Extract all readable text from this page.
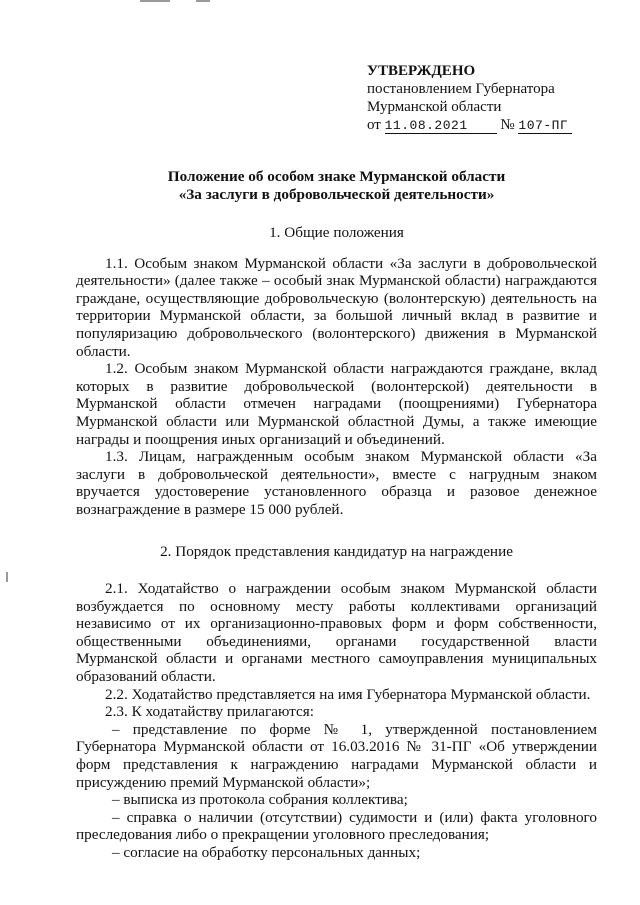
УТВЕРЖДЕНО
постановлением Губернатора
Мурманской области
от 11.08.2021 № 107-ПГ
Положение об особом знаке Мурманской области
«За заслуги в добровольческой деятельности»
1. Общие положения
1.1. Особым знаком Мурманской области «За заслуги в добровольческой деятельности» (далее также – особый знак Мурманской области) награждаются граждане, осуществляющие добровольческую (волонтерскую) деятельность на территории Мурманской области, за большой личный вклад в развитие и популяризацию добровольческого (волонтерского) движения в Мурманской области.
1.2. Особым знаком Мурманской области награждаются граждане, вклад которых в развитие добровольческой (волонтерской) деятельности в Мурманской области отмечен наградами (поощрениями) Губернатора Мурманской области или Мурманской областной Думы, а также имеющие награды и поощрения иных организаций и объединений.
1.3. Лицам, награжденным особым знаком Мурманской области «За заслуги в добровольческой деятельности», вместе с нагрудным знаком вручается удостоверение установленного образца и разовое денежное вознаграждение в размере 15 000 рублей.
2. Порядок представления кандидатур на награждение
2.1. Ходатайство о награждении особым знаком Мурманской области возбуждается по основному месту работы коллективами организаций независимо от их организационно-правовых форм и форм собственности, общественными объединениями, органами государственной власти Мурманской области и органами местного самоуправления муниципальных образований области.
2.2. Ходатайство представляется на имя Губернатора Мурманской области.
2.3. К ходатайству прилагаются:
– представление по форме № 1, утвержденной постановлением Губернатора Мурманской области от 16.03.2016 № 31-ПГ «Об утверждении форм представления к награждению наградами Мурманской области и присуждению премий Мурманской области»;
– выписка из протокола собрания коллектива;
– справка о наличии (отсутствии) судимости и (или) факта уголовного преследования либо о прекращении уголовного преследования;
– согласие на обработку персональных данных;
